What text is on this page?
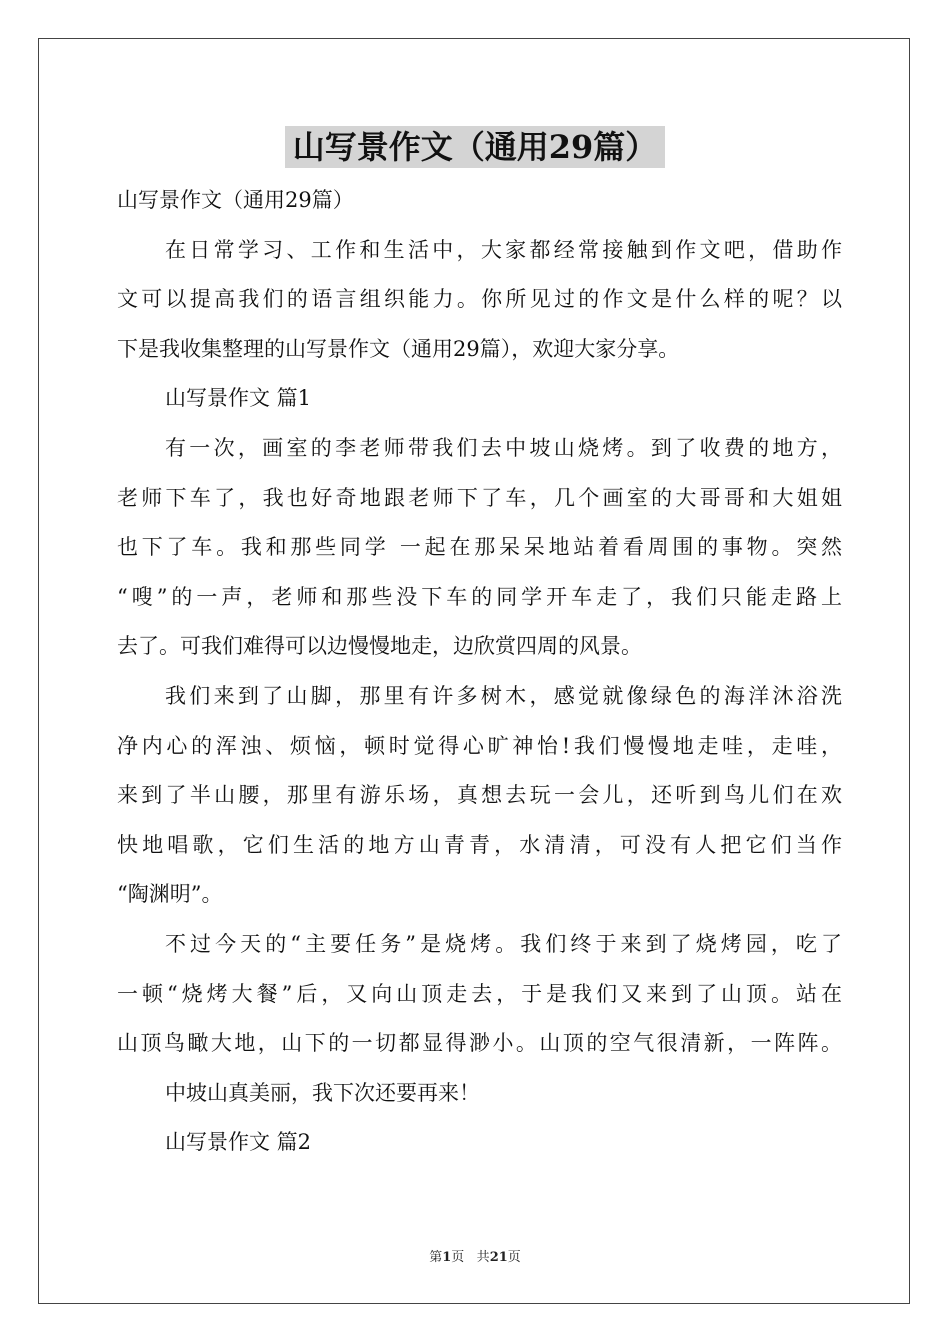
山写景作文（通用29篇）
山写景作文（通用29篇）
在日常学习、工作和生活中，大家都经常接触到作文吧，借助作
文可以提高我们的语言组织能力。你所见过的作文是什么样的呢？以
下是我收集整理的山写景作文（通用29篇），欢迎大家分享。
山写景作文 篇1
有一次，画室的李老师带我们去中坡山烧烤。到了收费的地方，
老师下车了，我也好奇地跟老师下了车，几个画室的大哥哥和大姐姐
也下了车。我和那些同学 一起在那呆呆地站着看周围的事物。突然
“嗖”的一声，老师和那些没下车的同学开车走了，我们只能走路上
去了。可我们难得可以边慢慢地走，边欣赏四周的风景。
我们来到了山脚，那里有许多树木，感觉就像绿色的海洋沐浴洗
净内心的浑浊、烦恼，顿时觉得心旷神怡!我们慢慢地走哇，走哇，
来到了半山腰，那里有游乐场，真想去玩一会儿，还听到鸟儿们在欢
快地唱歌，它们生活的地方山青青，水清清，可没有人把它们当作
“陶渊明”。
不过今天的“主要任务”是烧烤。我们终于来到了烧烤园，吃了
一顿“烧烤大餐”后，又向山顶走去，于是我们又来到了山顶。站在
山顶鸟瞰大地，山下的一切都显得渺小。山顶的空气很清新，一阵阵。
中坡山真美丽，我下次还要再来！
山写景作文 篇2
第1页 共21页
